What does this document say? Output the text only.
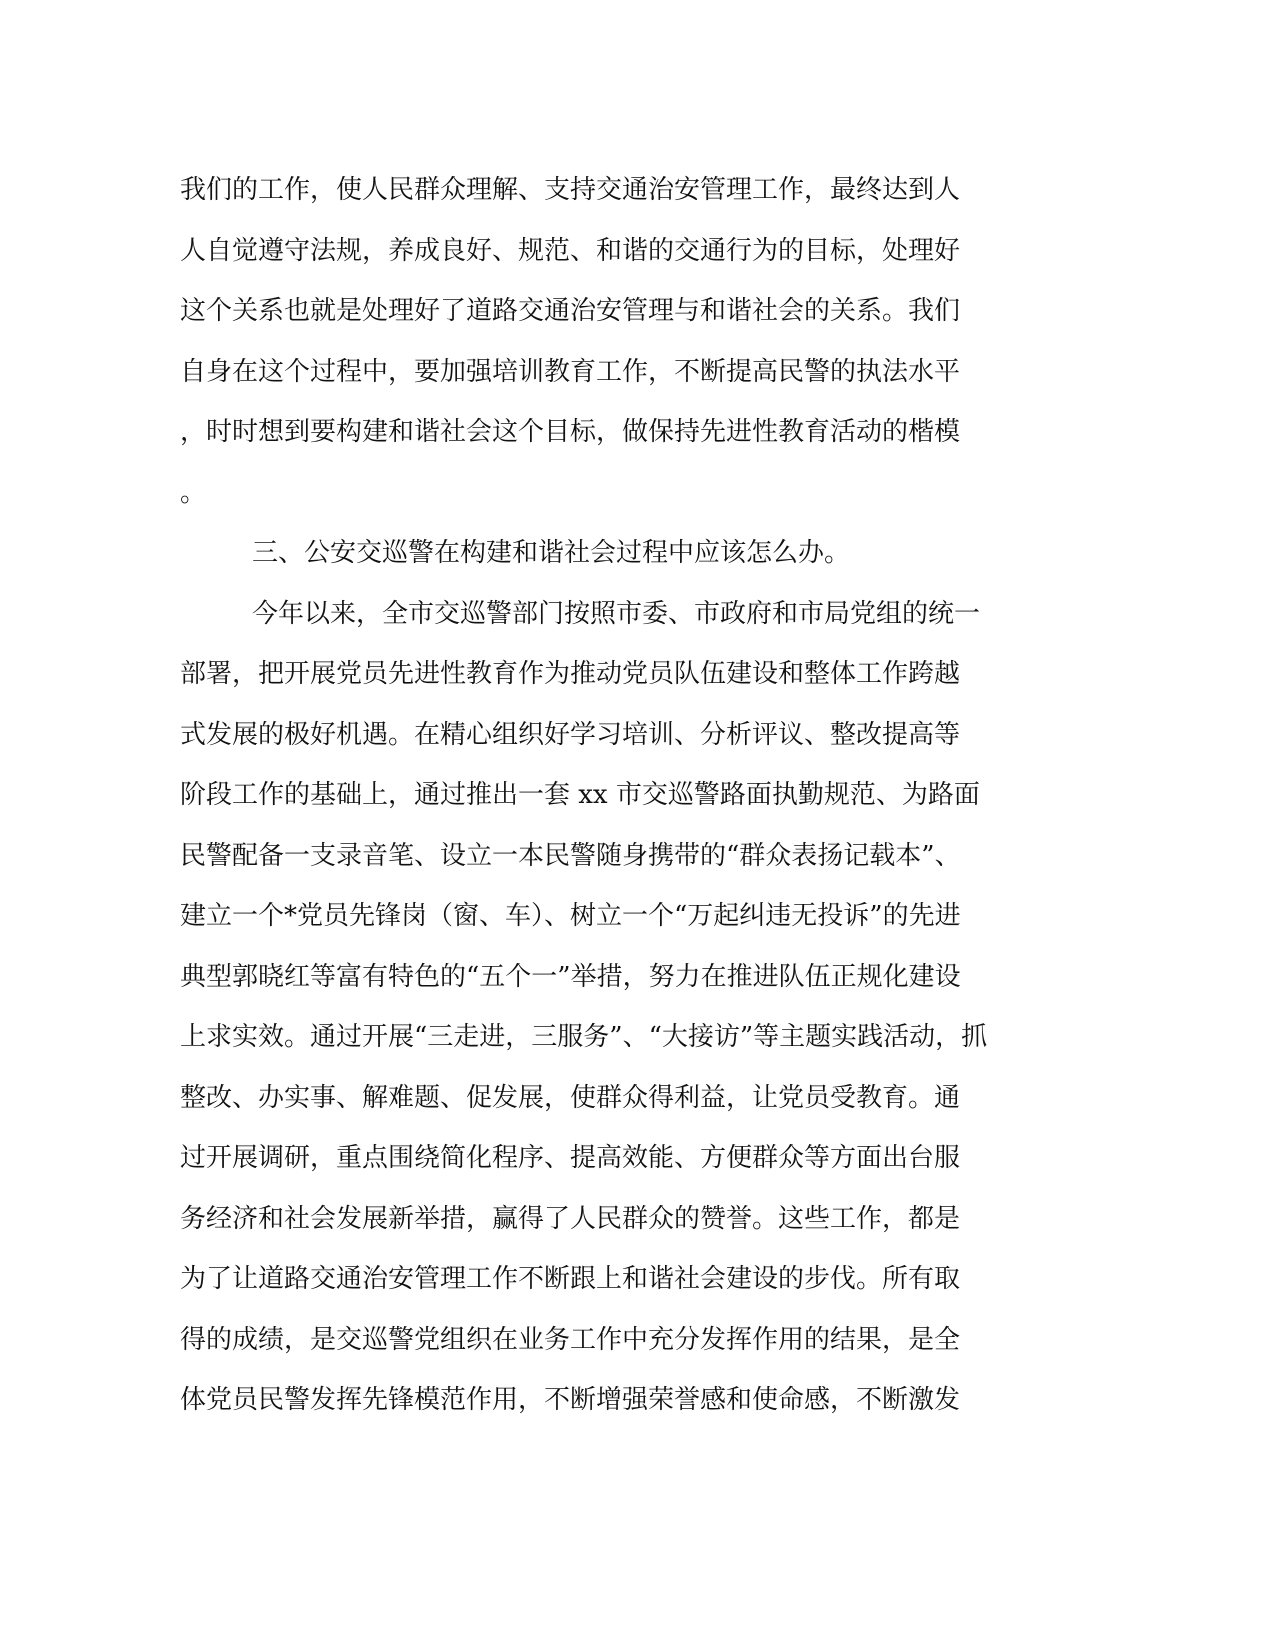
我们的工作，使人民群众理解、支持交通治安管理工作，最终达到人
人自觉遵守法规，养成良好、规范、和谐的交通行为的目标，处理好
这个关系也就是处理好了道路交通治安管理与和谐社会的关系。我们
自身在这个过程中，要加强培训教育工作，不断提高民警的执法水平
，时时想到要构建和谐社会这个目标，做保持先进性教育活动的楷模
。
三、公安交巡警在构建和谐社会过程中应该怎么办。
今年以来，全市交巡警部门按照市委、市政府和市局党组的统一
部署，把开展党员先进性教育作为推动党员队伍建设和整体工作跨越
式发展的极好机遇。在精心组织好学习培训、分析评议、整改提高等
阶段工作的基础上，通过推出一套 xx 市交巡警路面执勤规范、为路面
民警配备一支录音笔、设立一本民警随身携带的“群众表扬记载本”、
建立一个*党员先锋岗（窗、车）、树立一个“万起纠违无投诉”的先进
典型郭晓红等富有特色的“五个一”举措，努力在推进队伍正规化建设
上求实效。通过开展“三走进，三服务”、“大接访”等主题实践活动，抓
整改、办实事、解难题、促发展，使群众得利益，让党员受教育。通
过开展调研，重点围绕简化程序、提高效能、方便群众等方面出台服
务经济和社会发展新举措，赢得了人民群众的赞誉。这些工作，都是
为了让道路交通治安管理工作不断跟上和谐社会建设的步伐。所有取
得的成绩，是交巡警党组织在业务工作中充分发挥作用的结果，是全
体党员民警发挥先锋模范作用，不断增强荣誉感和使命感，不断激发
